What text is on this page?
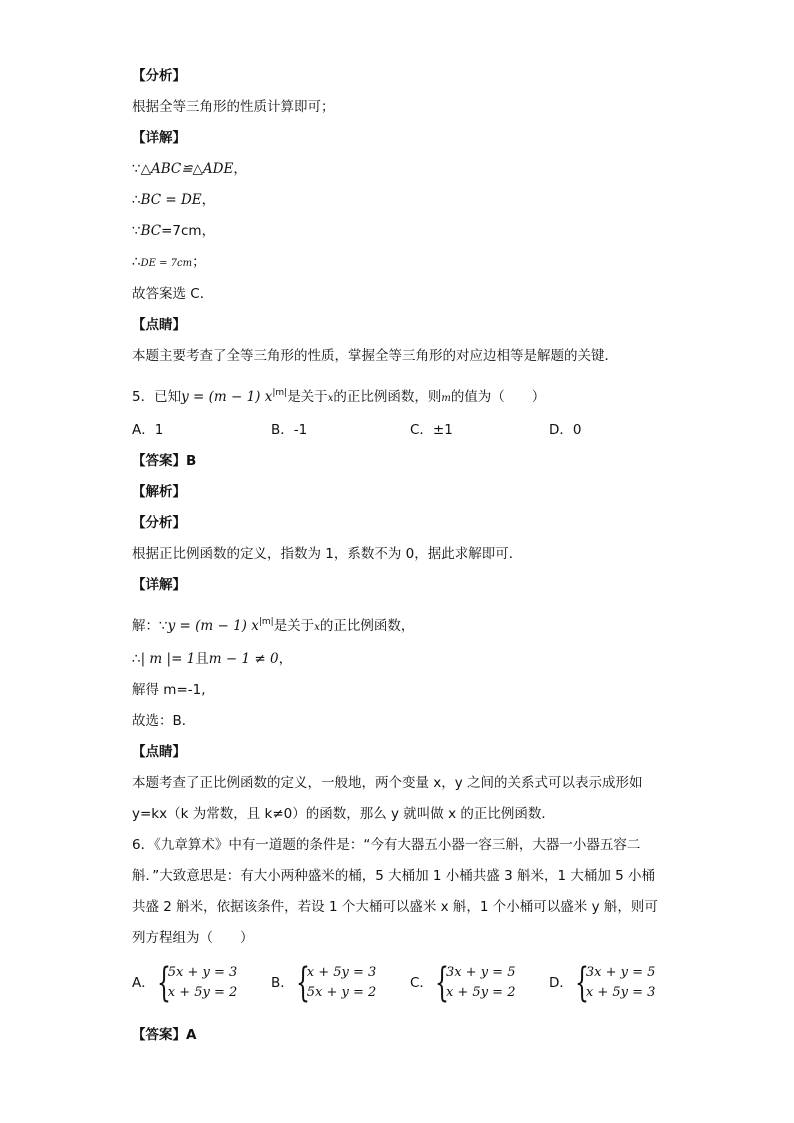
【分析】
根据全等三角形的性质计算即可；
【详解】
∵△ABC≌△ADE，
∴BC = DE，
∵BC=7cm，
∴DE = 7cm；
故答案选 C．
【点睛】
本题主要考查了全等三角形的性质，掌握全等三角形的对应边相等是解题的关键．
5．已知y = (m − 1) $x^{|m|}$是关于x的正比例函数，则m的值为（　　）
A．1	B．-1	C．±1	D．0
【答案】B
【解析】
【分析】
根据正比例函数的定义，指数为 1，系数不为 0，据此求解即可．
【详解】
解：∵y = (m − 1) $x^{|m|}$是关于x的正比例函数，
∴| m |= 1且m − 1 ≠ 0，
解得 m=-1,
故选：B．
【点睛】
本题考查了正比例函数的定义，一般地，两个变量 x，y 之间的关系式可以表示成形如
y=kx（k 为常数，且 k≠0）的函数，那么 y 就叫做 x 的正比例函数．
6．《九章算术》中有一道题的条件是：“今有大器五小器一容三斛，大器一小器五容二
斛．”大致意思是：有大小两种盛米的桶，5 大桶加 1 小桶共盛 3 斛米，1 大桶加 5 小桶
共盛 2 斛米，依据该条件，若设 1 个大桶可以盛米 x 斛，1 个小桶可以盛米 y 斛，则可
列方程组为（　　）
A．
{ 5x + y = 3
x + 5y = 2
B．
{ x + 5y = 3
5x + y = 2
C．
{ 3x + y = 5
x + 5y = 2
D．
{ 3x + y = 5
x + 5y = 3
【答案】A
